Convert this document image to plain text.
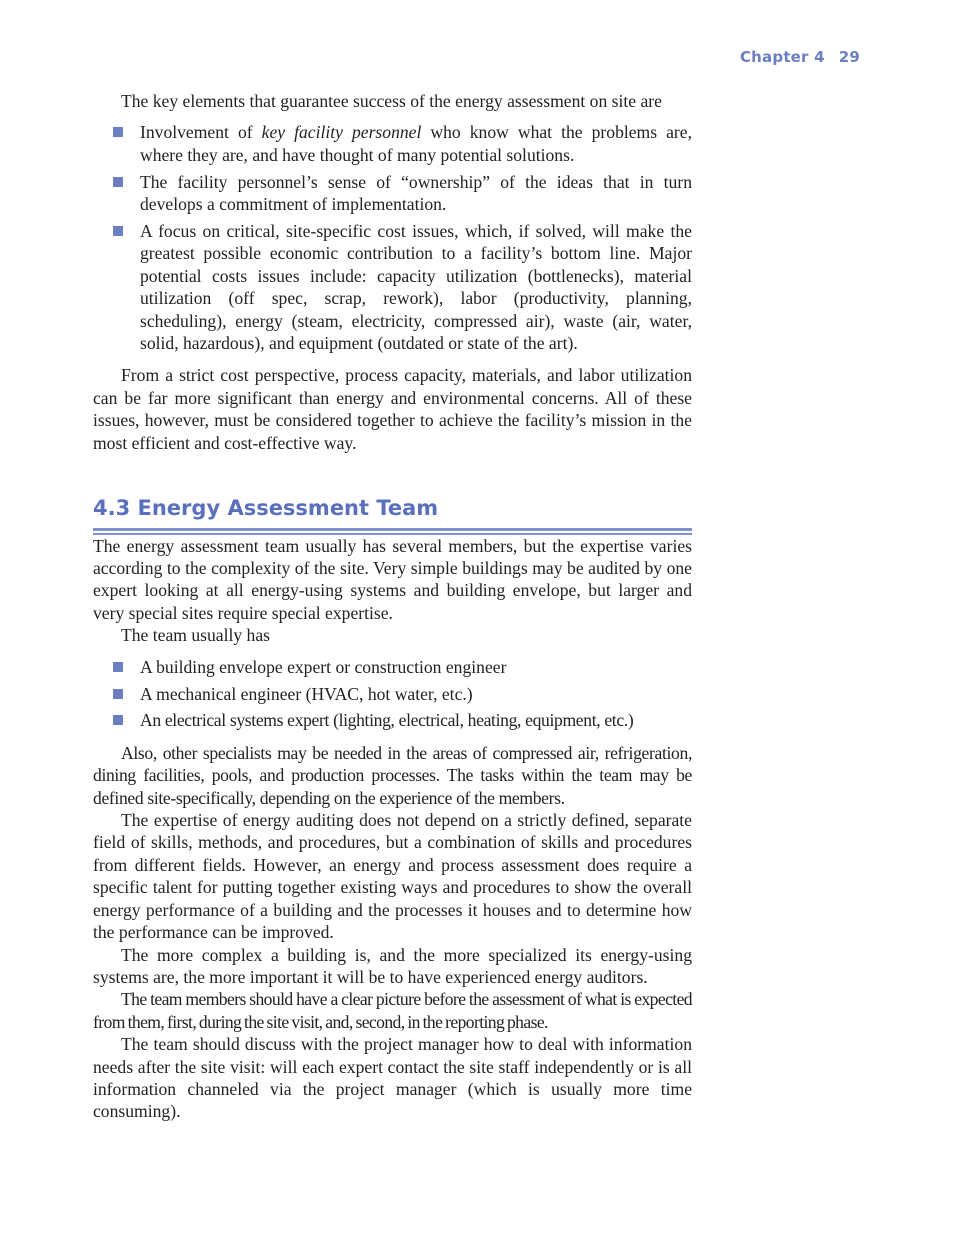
Chapter 4 29

The key elements that guarantee success of the energy assessment on site are

Involvement of key facility personnel who know what the problems are, where they are, and have thought of many potential solutions.
The facility personnel’s sense of “ownership” of the ideas that in turn develops a commitment of implementation.
A focus on critical, site-specific cost issues, which, if solved, will make the greatest possible economic contribution to a facility’s bottom line. Major potential costs issues include: capacity utilization (bottlenecks), material utilization (off spec, scrap, rework), labor (productivity, planning, scheduling), energy (steam, electricity, compressed air), waste (air, water, solid, hazardous), and equipment (outdated or state of the art).

From a strict cost perspective, process capacity, materials, and labor utilization can be far more significant than energy and environmental concerns. All of these issues, however, must be considered together to achieve the facility’s mission in the most efficient and cost-effective way.

4.3 Energy Assessment Team

The energy assessment team usually has several members, but the expertise varies according to the complexity of the site. Very simple buildings may be audited by one expert looking at all energy-using systems and building envelope, but larger and very special sites require special expertise.

The team usually has

A building envelope expert or construction engineer
A mechanical engineer (HVAC, hot water, etc.)
An electrical systems expert (lighting, electrical, heating, equipment, etc.)

Also, other specialists may be needed in the areas of compressed air, refrigeration, dining facilities, pools, and production processes. The tasks within the team may be defined site-specifically, depending on the experience of the members.

The expertise of energy auditing does not depend on a strictly defined, separate field of skills, methods, and procedures, but a combination of skills and procedures from different fields. However, an energy and process assessment does require a specific talent for putting together existing ways and procedures to show the overall energy performance of a building and the processes it houses and to determine how the performance can be improved.

The more complex a building is, and the more specialized its energy-using systems are, the more important it will be to have experienced energy auditors.

The team members should have a clear picture before the assessment of what is expected from them, first, during the site visit, and, second, in the reporting phase.

The team should discuss with the project manager how to deal with information needs after the site visit: will each expert contact the site staff independently or is all information channeled via the project manager (which is usually more time consuming).
